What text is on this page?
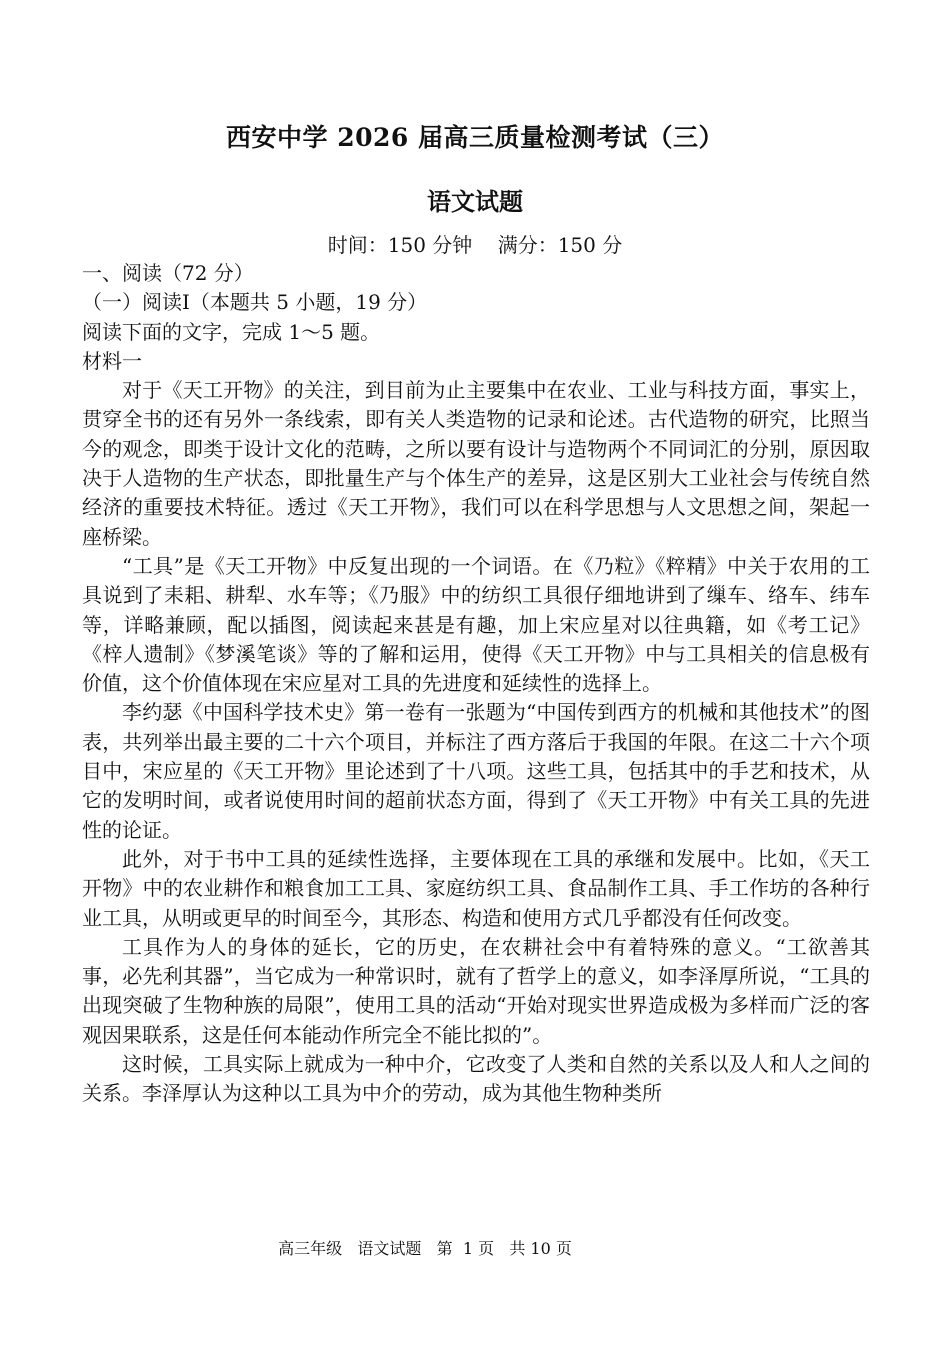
西安中学 2026 届高三质量检测考试（三）
语文试题
时间：150 分钟    满分：150 分

一、阅读（72 分）

（一）阅读Ⅰ（本题共 5 小题，19 分）

阅读下面的文字，完成 1～5 题。

材料一

对于《天工开物》的关注，到目前为止主要集中在农业、工业与科技方面，事实上，贯穿全书的还有另外一条线索，即有关人类造物的记录和论述。古代造物的研究，比照当今的观念，即类于设计文化的范畴，之所以要有设计与造物两个不同词汇的分别，原因取决于人造物的生产状态，即批量生产与个体生产的差异，这是区别大工业社会与传统自然经济的重要技术特征。透过《天工开物》，我们可以在科学思想与人文思想之间，架起一座桥梁。

“工具”是《天工开物》中反复出现的一个词语。在《乃粒》《粹精》中关于农用的工具说到了耒耜、耕犁、水车等；《乃服》中的纺织工具很仔细地讲到了缫车、络车、纬车等，详略兼顾，配以插图，阅读起来甚是有趣，加上宋应星对以往典籍，如《考工记》《梓人遗制》《梦溪笔谈》等的了解和运用，使得《天工开物》中与工具相关的信息极有价值，这个价值体现在宋应星对工具的先进度和延续性的选择上。

李约瑟《中国科学技术史》第一卷有一张题为“中国传到西方的机械和其他技术”的图表，共列举出最主要的二十六个项目，并标注了西方落后于我国的年限。在这二十六个项目中，宋应星的《天工开物》里论述到了十八项。这些工具，包括其中的手艺和技术，从它的发明时间，或者说使用时间的超前状态方面，得到了《天工开物》中有关工具的先进性的论证。

此外，对于书中工具的延续性选择，主要体现在工具的承继和发展中。比如，《天工开物》中的农业耕作和粮食加工工具、家庭纺织工具、食品制作工具、手工作坊的各种行业工具，从明或更早的时间至今，其形态、构造和使用方式几乎都没有任何改变。

工具作为人的身体的延长，它的历史，在农耕社会中有着特殊的意义。“工欲善其事，必先利其器”，当它成为一种常识时，就有了哲学上的意义，如李泽厚所说，“工具的出现突破了生物种族的局限”，使用工具的活动“开始对现实世界造成极为多样而广泛的客观因果联系，这是任何本能动作所完全不能比拟的”。

这时候，工具实际上就成为一种中介，它改变了人类和自然的关系以及人和人之间的关系。李泽厚认为这种以工具为中介的劳动，成为其他生物种类所

高三年级   语文试题   第  1 页   共 10 页
